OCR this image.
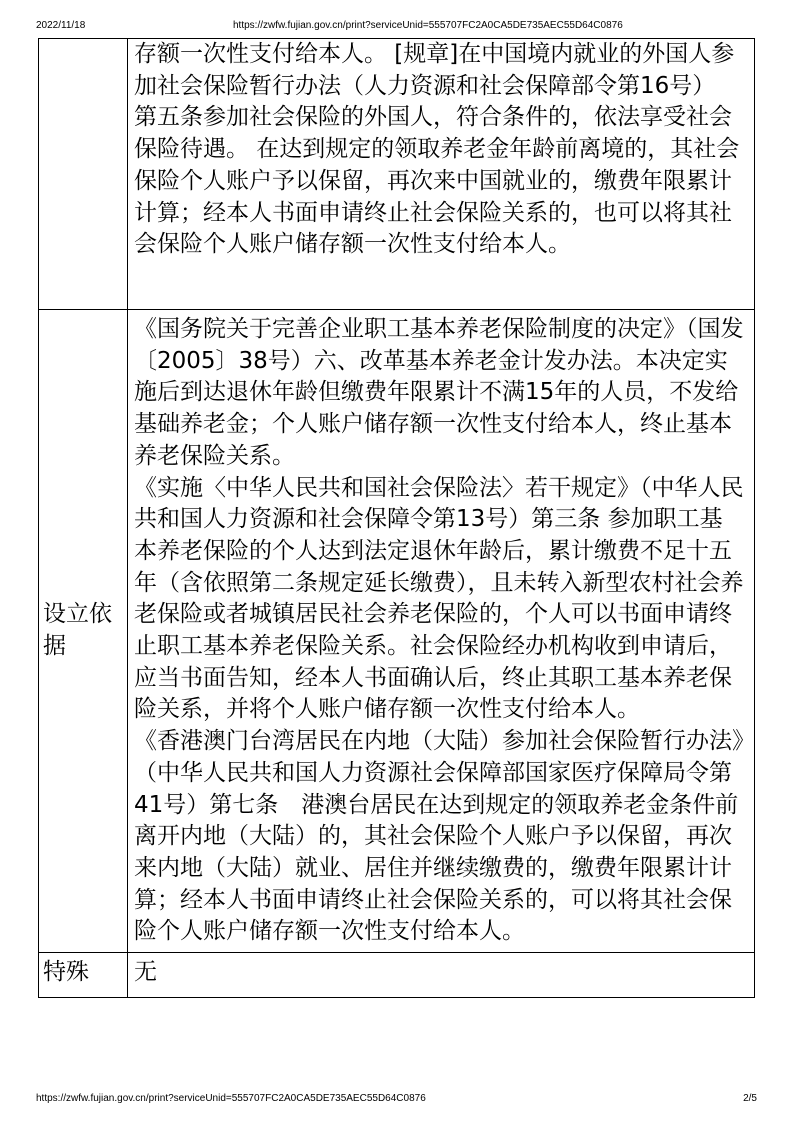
2022/11/18	https://zwfw.fujian.gov.cn/print?serviceUnid=555707FC2A0CA5DE735AEC55D64C0876

	存额一次性支付给本人。 [规章]在中国境内就业的外国人参加社会保险暂行办法（人力资源和社会保障部令第16号） 第五条参加社会保险的外国人，符合条件的，依法享受社会保险待遇。 在达到规定的领取养老金年龄前离境的，其社会保险个人账户予以保留，再次来中国就业的，缴费年限累计计算；经本人书面申请终止社会保险关系的，也可以将其社会保险个人账户储存额一次性支付给本人。

设立依据	《国务院关于完善企业职工基本养老保险制度的决定》（国发〔2005〕38号）六、改革基本养老金计发办法。本决定实施后到达退休年龄但缴费年限累计不满15年的人员，不发给基础养老金；个人账户储存额一次性支付给本人，终止基本养老保险关系。

《实施〈中华人民共和国社会保险法〉若干规定》（中华人民共和国人力资源和社会保障令第13号）第三条 参加职工基本养老保险的个人达到法定退休年龄后，累计缴费不足十五年（含依照第二条规定延长缴费），且未转入新型农村社会养老保险或者城镇居民社会养老保险的，个人可以书面申请终止职工基本养老保险关系。社会保险经办机构收到申请后，应当书面告知，经本人书面确认后，终止其职工基本养老保险关系，并将个人账户储存额一次性支付给本人。

《香港澳门台湾居民在内地（大陆）参加社会保险暂行办法》（中华人民共和国人力资源社会保障部国家医疗保障局令第41号）第七条　港澳台居民在达到规定的领取养老金条件前离开内地（大陆）的，其社会保险个人账户予以保留，再次来内地（大陆）就业、居住并继续缴费的，缴费年限累计计算；经本人书面申请终止社会保险关系的，可以将其社会保险个人账户储存额一次性支付给本人。

特殊	无
https://zwfw.fujian.gov.cn/print?serviceUnid=555707FC2A0CA5DE735AEC55D64C0876	2/5
